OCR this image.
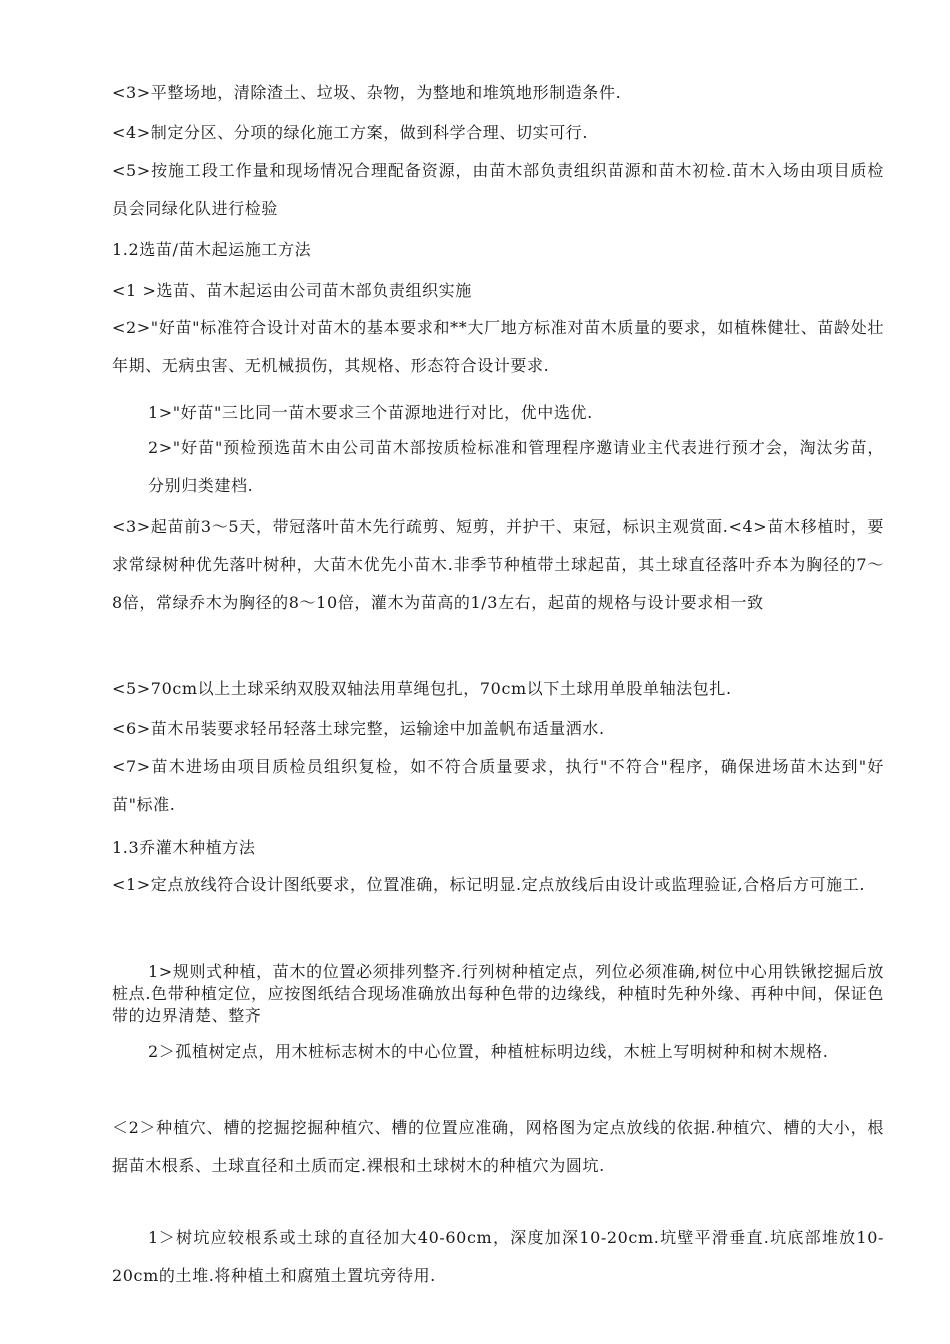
<3>平整场地，清除渣土、垃圾、杂物，为整地和堆筑地形制造条件.

<4>制定分区、分项的绿化施工方案，做到科学合理、切实可行.

<5>按施工段工作量和现场情况合理配备资源，由苗木部负责组织苗源和苗木初检.苗木入场由项目质检员会同绿化队进行检验

1.2选苗/苗木起运施工方法

<1 >选苗、苗木起运由公司苗木部负责组织实施

<2>"好苗"标准符合设计对苗木的基本要求和**大厂地方标准对苗木质量的要求，如植株健壮、苗龄处壮年期、无病虫害、无机械损伤，其规格、形态符合设计要求.

1>"好苗"三比同一苗木要求三个苗源地进行对比，优中选优.

2>"好苗"预检预选苗木由公司苗木部按质检标准和管理程序邀请业主代表进行预才会，淘汰劣苗，分别归类建档.

<3>起苗前3〜5天，带冠落叶苗木先行疏剪、短剪，并护干、束冠，标识主观赏面.<4>苗木移植时，要求常绿树种优先落叶树种，大苗木优先小苗木.非季节种植带土球起苗，其土球直径落叶乔本为胸径的7〜8倍，常绿乔木为胸径的8〜10倍，灌木为苗高的1/3左右，起苗的规格与设计要求相一致

<5>70cm以上土球采纳双股双轴法用草绳包扎，70cm以下土球用单股单轴法包扎.

<6>苗木吊装要求轻吊轻落土球完整，运输途中加盖帆布适量洒水.

<7>苗木进场由项目质检员组织复检，如不符合质量要求，执行"不符合"程序，确保进场苗木达到"好苗"标准.

1.3乔灌木种植方法

<1>定点放线符合设计图纸要求，位置准确，标记明显.定点放线后由设计或监理验证,合格后方可施工.

1>规则式种植，苗木的位置必须排列整齐.行列树种植定点，列位必须准确,树位中心用铁锹挖掘后放桩点.色带种植定位，应按图纸结合现场准确放出每种色带的边缘线，种植时先种外缘、再种中间，保证色带的边界清楚、整齐

2＞孤植树定点，用木桩标志树木的中心位置，种植桩标明边线，木桩上写明树种和树木规格.

＜2＞种植穴、槽的挖掘挖掘种植穴、槽的位置应准确，网格图为定点放线的依据.种植穴、槽的大小，根据苗木根系、土球直径和土质而定.裸根和土球树木的种植穴为圆坑.

1＞树坑应较根系或土球的直径加大40-60cm，深度加深10-20cm.坑壁平滑垂直.坑底部堆放10-20cm的土堆.将种植土和腐殖土置坑旁待用.
